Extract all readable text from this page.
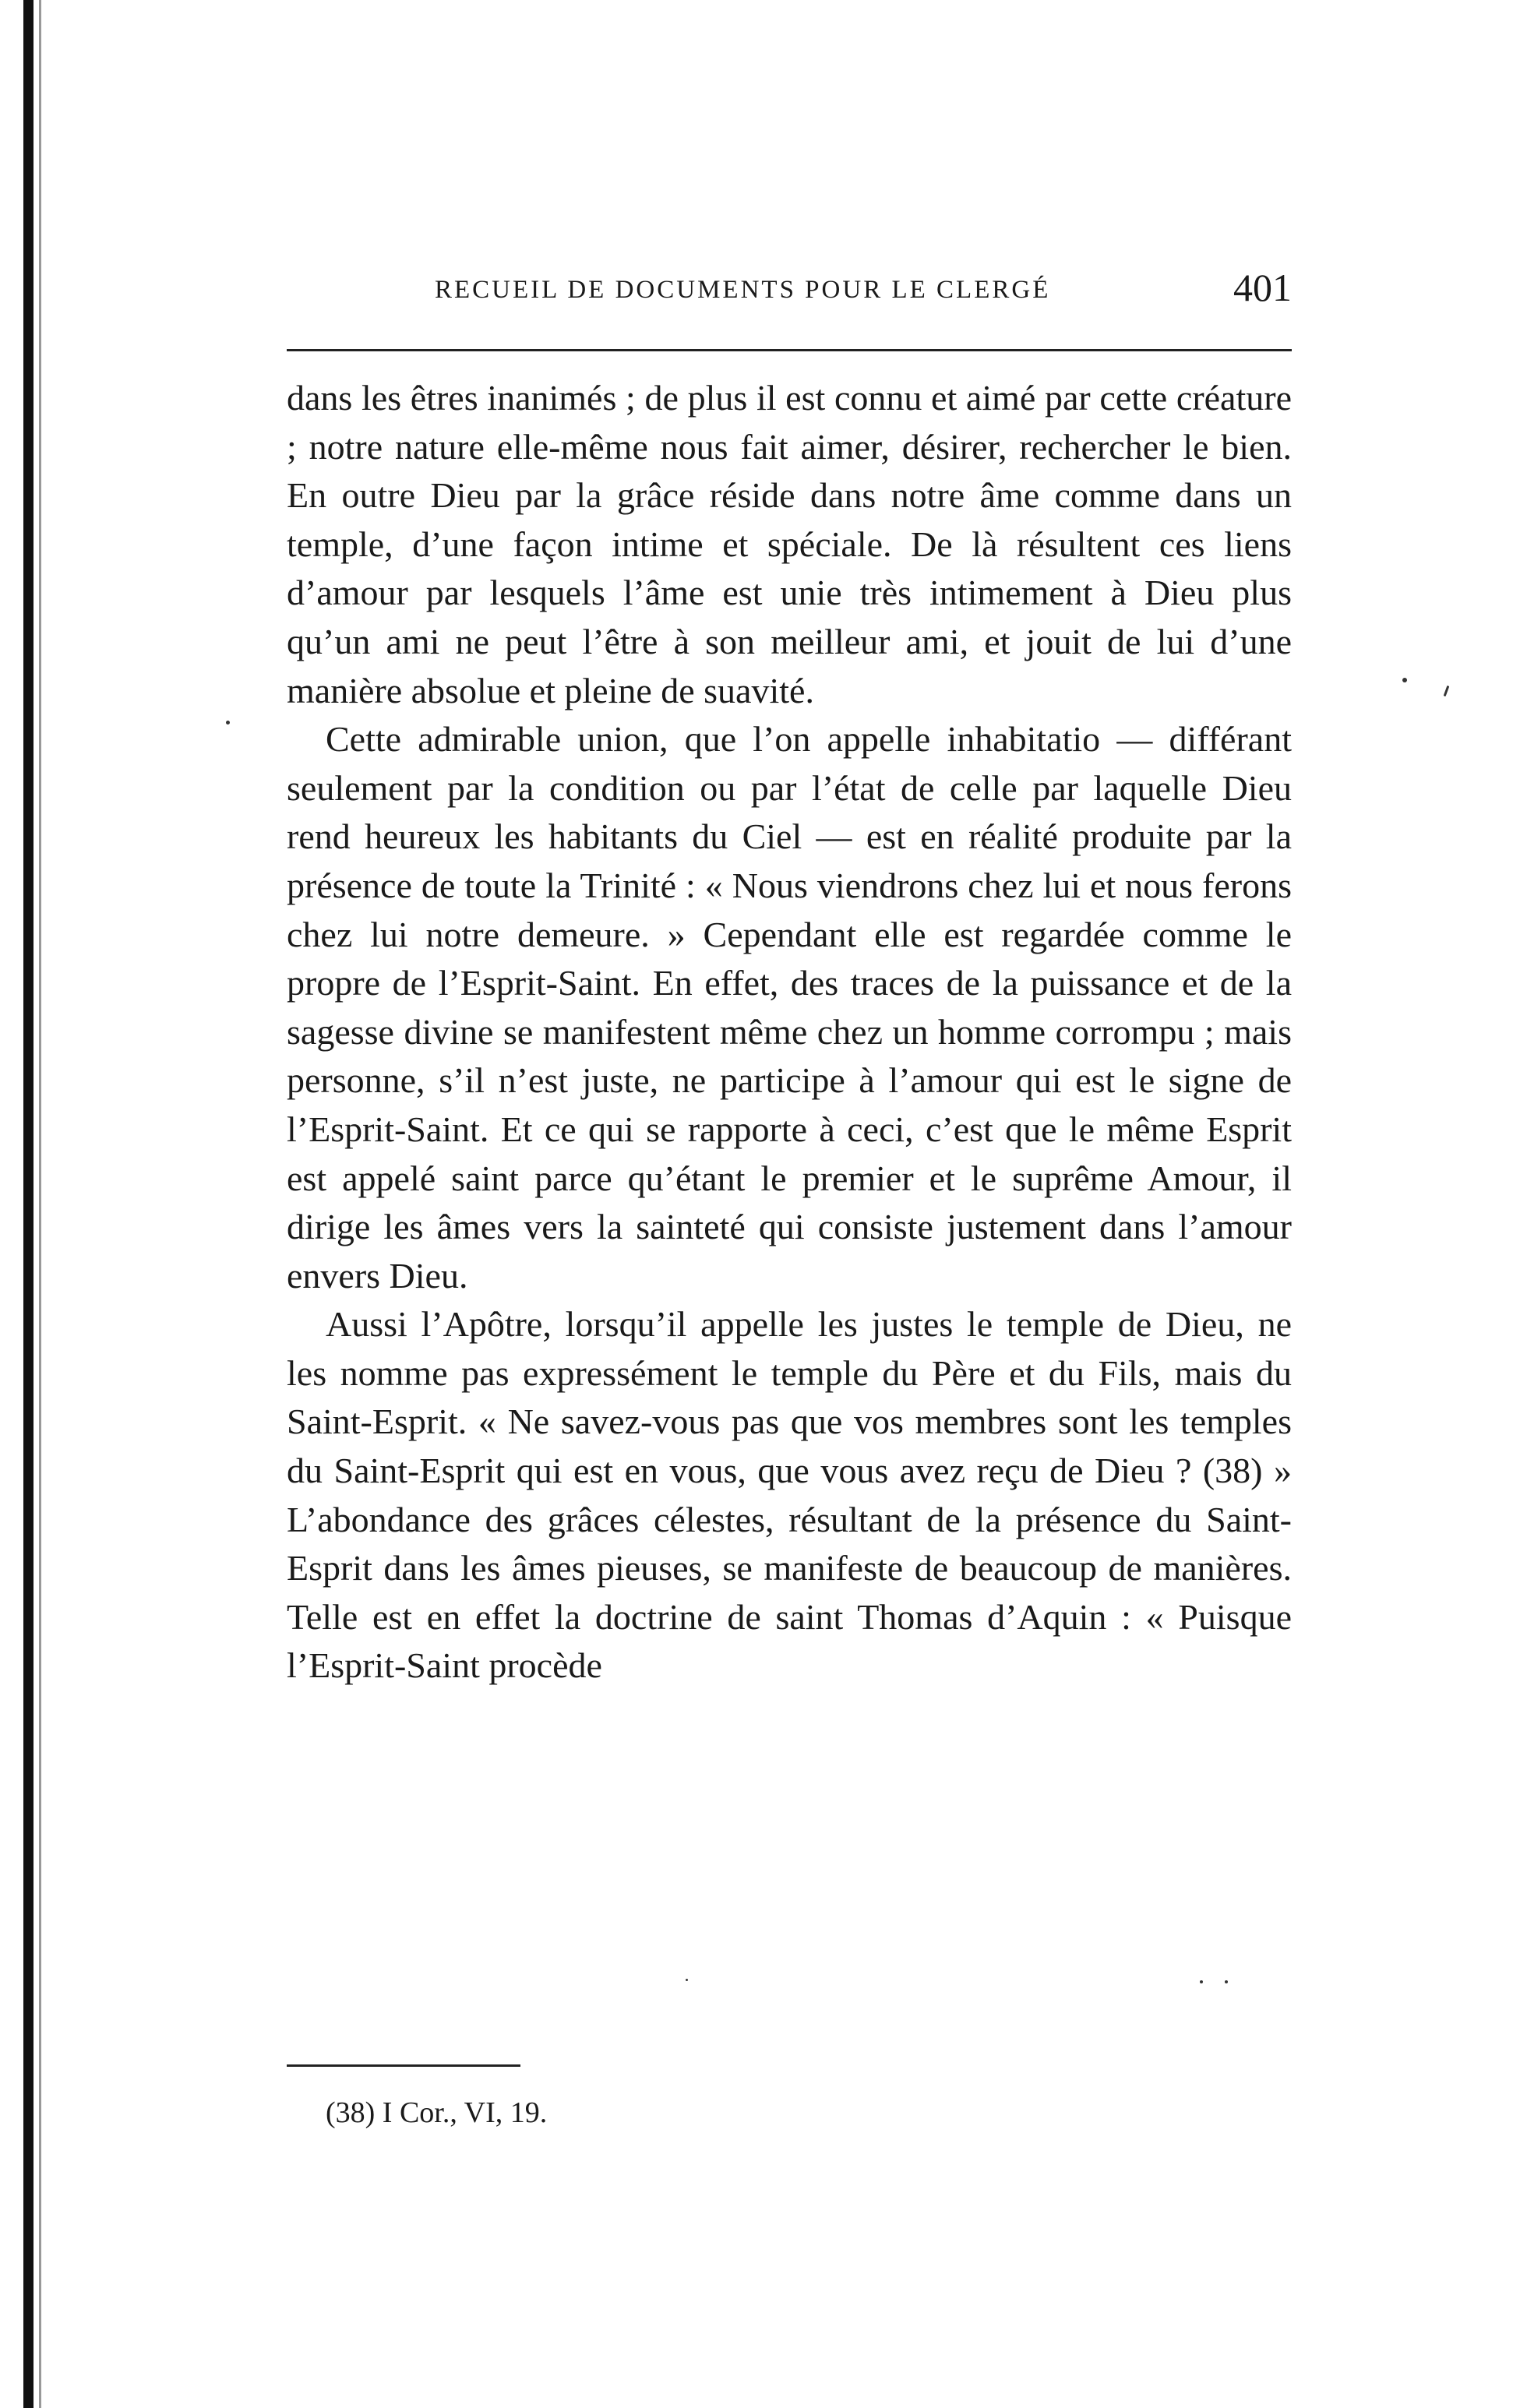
RECUEIL DE DOCUMENTS POUR LE CLERGÉ	401

dans les êtres inanimés ; de plus il est connu et aimé par cette créature ; notre nature elle-même nous fait aimer, désirer, rechercher le bien. En outre Dieu par la grâce réside dans notre âme comme dans un temple, d’une façon intime et spéciale. De là résultent ces liens d’amour par lesquels l’âme est unie très intimement à Dieu plus qu’un ami ne peut l’être à son meilleur ami, et jouit de lui d’une manière absolue et pleine de suavité.

Cette admirable union, que l’on appelle inhabitatio — différant seulement par la condition ou par l’état de celle par laquelle Dieu rend heureux les habitants du Ciel — est en réalité produite par la présence de toute la Trinité : « Nous viendrons chez lui et nous ferons chez lui notre demeure. » Cependant elle est regardée comme le propre de l’Esprit-Saint. En effet, des traces de la puissance et de la sagesse divine se manifestent même chez un homme corrompu ; mais personne, s’il n’est juste, ne participe à l’amour qui est le signe de l’Esprit-Saint. Et ce qui se rapporte à ceci, c’est que le même Esprit est appelé saint parce qu’étant le premier et le suprême Amour, il dirige les âmes vers la sainteté qui consiste justement dans l’amour envers Dieu.

Aussi l’Apôtre, lorsqu’il appelle les justes le temple de Dieu, ne les nomme pas expressément le temple du Père et du Fils, mais du Saint-Esprit. « Ne savez-vous pas que vos membres sont les temples du Saint-Esprit qui est en vous, que vous avez reçu de Dieu ? (38) » L’abondance des grâces célestes, résultant de la présence du Saint-Esprit dans les âmes pieuses, se manifeste de beaucoup de manières. Telle est en effet la doctrine de saint Thomas d’Aquin : « Puisque l’Esprit-Saint procède

(38) I Cor., VI, 19.
